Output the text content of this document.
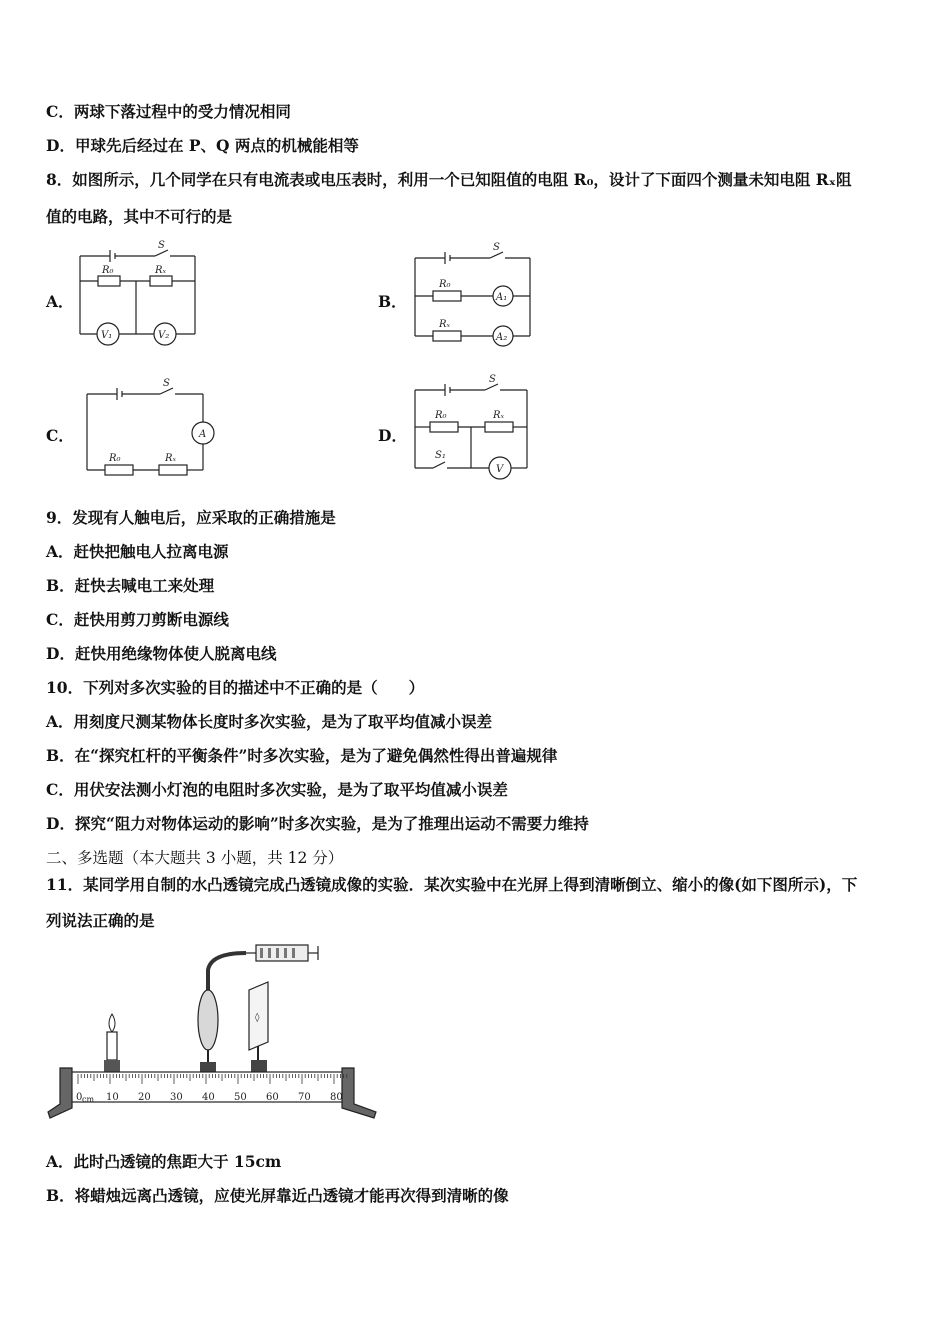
C．两球下落过程中的受力情况相同
D．甲球先后经过在 P、Q 两点的机械能相等
8．如图所示，几个同学在只有电流表或电压表时，利用一个已知阻值的电阻 R₀，设计了下面四个测量未知电阻 Rₓ阻
值的电路，其中不可行的是
A．	B．
C．	D．
S
R₀	Rₓ
V₁	V₂
S
R₀
Rₓ
A₁
A₂
S
A
R₀	Rₓ
S
R₀	Rₓ
S₁
V
9．发现有人触电后，应采取的正确措施是
A．赶快把触电人拉离电源
B．赶快去喊电工来处理
C．赶快用剪刀剪断电源线
D．赶快用绝缘物体使人脱离电线
10．下列对多次实验的目的描述中不正确的是（　　）
A．用刻度尺测某物体长度时多次实验，是为了取平均值减小误差
B．在“探究杠杆的平衡条件”时多次实验，是为了避免偶然性得出普遍规律
C．用伏安法测小灯泡的电阻时多次实验，是为了取平均值减小误差
D．探究“阻力对物体运动的影响”时多次实验，是为了推理出运动不需要力维持
二、多选题（本大题共 3 小题，共 12 分）
11．某同学用自制的水凸透镜完成凸透镜成像的实验．某次实验中在光屏上得到清晰倒立、缩小的像(如下图所示)，下
列说法正确的是
◊
0 cm 10 20 30 40 50 60 70 80
A．此时凸透镜的焦距大于 15cm
B．将蜡烛远离凸透镜，应使光屏靠近凸透镜才能再次得到清晰的像
